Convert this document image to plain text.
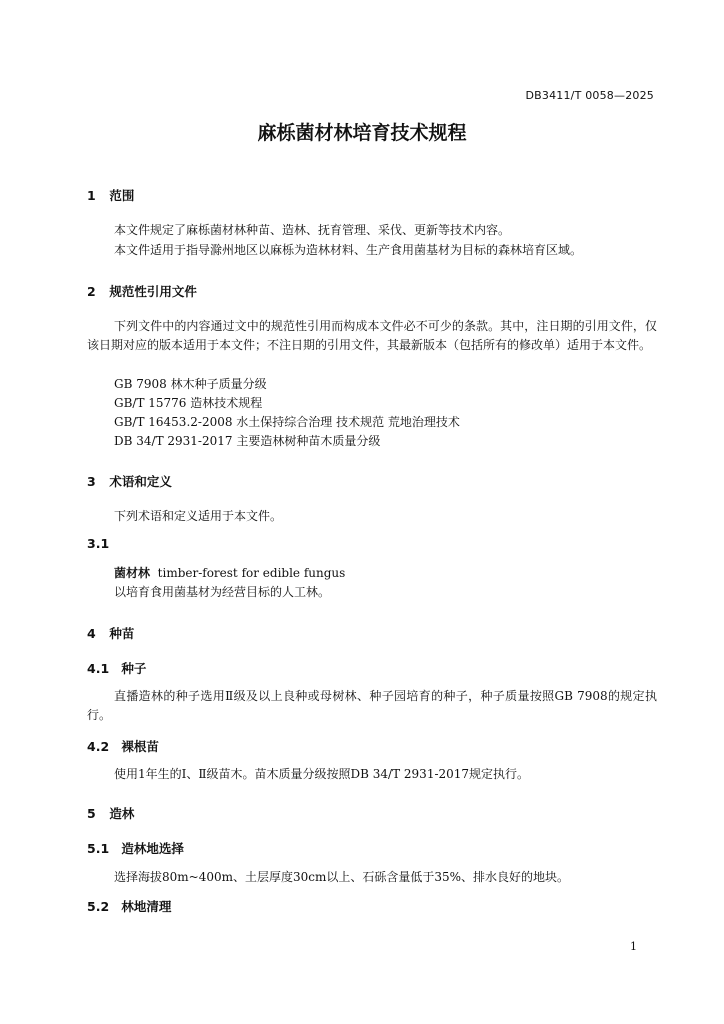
DB3411/T 0058—2025
麻栎菌材林培育技术规程
1 范围
本文件规定了麻栎菌材林种苗、造林、抚育管理、采伐、更新等技术内容。
本文件适用于指导滁州地区以麻栎为造林材料、生产食用菌基材为目标的森林培育区域。
2 规范性引用文件
下列文件中的内容通过文中的规范性引用而构成本文件必不可少的条款。其中，注日期的引用文件，仅该日期对应的版本适用于本文件；不注日期的引用文件，其最新版本（包括所有的修改单）适用于本文件。
GB 7908 林木种子质量分级
GB/T 15776 造林技术规程
GB/T 16453.2-2008 水土保持综合治理 技术规范 荒地治理技术
DB 34/T 2931-2017 主要造林树种苗木质量分级
3 术语和定义
下列术语和定义适用于本文件。
3.1
菌材林 timber-forest for edible fungus
以培育食用菌基材为经营目标的人工林。
4 种苗
4.1 种子
直播造林的种子选用Ⅱ级及以上良种或母树林、种子园培育的种子，种子质量按照GB 7908的规定执行。
4.2 裸根苗
使用1年生的Ⅰ、Ⅱ级苗木。苗木质量分级按照DB 34/T 2931-2017规定执行。
5 造林
5.1 造林地选择
选择海拔80m~400m、土层厚度30cm以上、石砾含量低于35%、排水良好的地块。
5.2 林地清理
1
